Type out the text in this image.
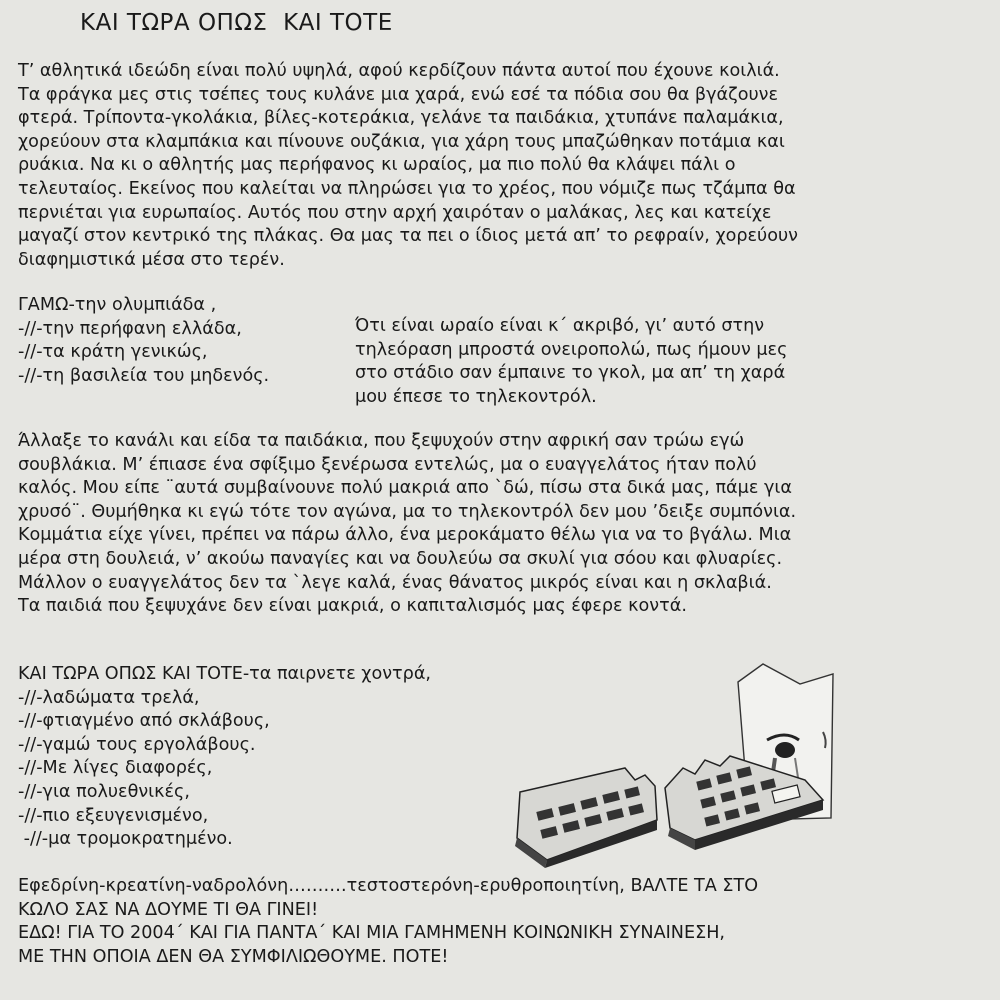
ΚΑΙ ΤΩΡΑ ΟΠΩΣ  ΚΑΙ ΤΟΤΕ
Τ’ αθλητικά ιδεώδη είναι πολύ υψηλά, αφού κερδίζουν πάντα αυτοί που έχουνε κοιλιά.
Τα φράγκα μες στις τσέπες τους κυλάνε μια χαρά, ενώ εσέ τα πόδια σου θα βγάζουνε
φτερά. Τρίποντα-γκολάκια, βίλες-κοτεράκια, γελάνε τα παιδάκια, χτυπάνε παλαμάκια,
χορεύουν στα κλαμπάκια και πίνουνε ουζάκια, για χάρη τους μπαζώθηκαν ποτάμια και
ρυάκια. Να κι ο αθλητής μας περήφανος κι ωραίος, μα πιο πολύ θα κλάψει πάλι ο
τελευταίος. Εκείνος που καλείται να πληρώσει για το χρέος, που νόμιζε πως τζάμπα θα
περνιέται για ευρωπαίος. Αυτός που στην αρχή χαιρόταν ο μαλάκας, λες και κατείχε
μαγαζί στον κεντρικό της πλάκας. Θα μας τα πει ο ίδιος μετά απ’ το ρεφραίν, χορεύουν
διαφημιστικά μέσα στο τερέν.
ΓΑΜΩ-την ολυμπιάδα ,
-//-την περήφανη ελλάδα,
-//-τα κράτη γενικώς,
-//-τη βασιλεία του μηδενός.
Ότι είναι ωραίο είναι κ΄ ακριβό, γι’ αυτό στην
τηλεόραση μπροστά ονειροπολώ, πως ήμουν μες
στο στάδιο σαν έμπαινε το γκολ, μα απ’ τη χαρά
μου έπεσε το τηλεκοντρόλ.
Άλλαξε το κανάλι και είδα τα παιδάκια, που ξεψυχούν στην αφρική σαν τρώω εγώ
σουβλάκια. Μ’ έπιασε ένα σφίξιμο ξενέρωσα εντελώς, μα ο ευαγγελάτος ήταν πολύ
καλός. Μου είπε ¨αυτά συμβαίνουνε πολύ μακριά απο `δώ, πίσω στα δικά μας, πάμε για
χρυσό¨. Θυμήθηκα κι εγώ τότε τον αγώνα, μα το τηλεκοντρόλ δεν μου ’δειξε συμπόνια.
Κομμάτια είχε γίνει, πρέπει να πάρω άλλο, ένα μεροκάματο θέλω για να το βγάλω. Μια
μέρα στη δουλειά, ν’ ακούω παναγίες και να δουλεύω σα σκυλί για σόου και φλυαρίες.
Μάλλον ο ευαγγελάτος δεν τα `λεγε καλά, ένας θάνατος μικρός είναι και η σκλαβιά.
Τα παιδιά που ξεψυχάνε δεν είναι μακριά, ο καπιταλισμός μας έφερε κοντά.
ΚΑΙ ΤΩΡΑ ΟΠΩΣ ΚΑΙ ΤΟΤΕ-τα παιρνετε χοντρά,
-//-λαδώματα τρελά,
-//-φτιαγμένο από σκλάβους,
-//-γαμώ τους εργολάβους.
-//-Με λίγες διαφορές,
-//-για πολυεθνικές,
-//-πιο εξευγενισμένο,
-//-μα τρομοκρατημένο.
Εφεδρίνη-κρεατίνη-ναδρολόνη……….τεστοστερόνη-ερυθροποιητίνη, ΒΑΛΤΕ ΤΑ ΣΤΟ
ΚΩΛΟ ΣΑΣ ΝΑ ΔΟΥΜΕ ΤΙ ΘΑ ΓΙΝΕΙ!
ΕΔΩ! ΓΙΑ ΤΟ 2004΄ ΚΑΙ ΓΙΑ ΠΑΝΤΑ΄ ΚΑΙ ΜΙΑ ΓΑΜΗΜΕΝΗ ΚΟΙΝΩΝΙΚΗ ΣΥΝΑΙΝΕΣΗ,
ΜΕ ΤΗΝ ΟΠΟΙΑ ΔΕΝ ΘΑ ΣΥΜΦΙΛΙΩΘΟΥΜΕ. ΠΟΤΕ!
